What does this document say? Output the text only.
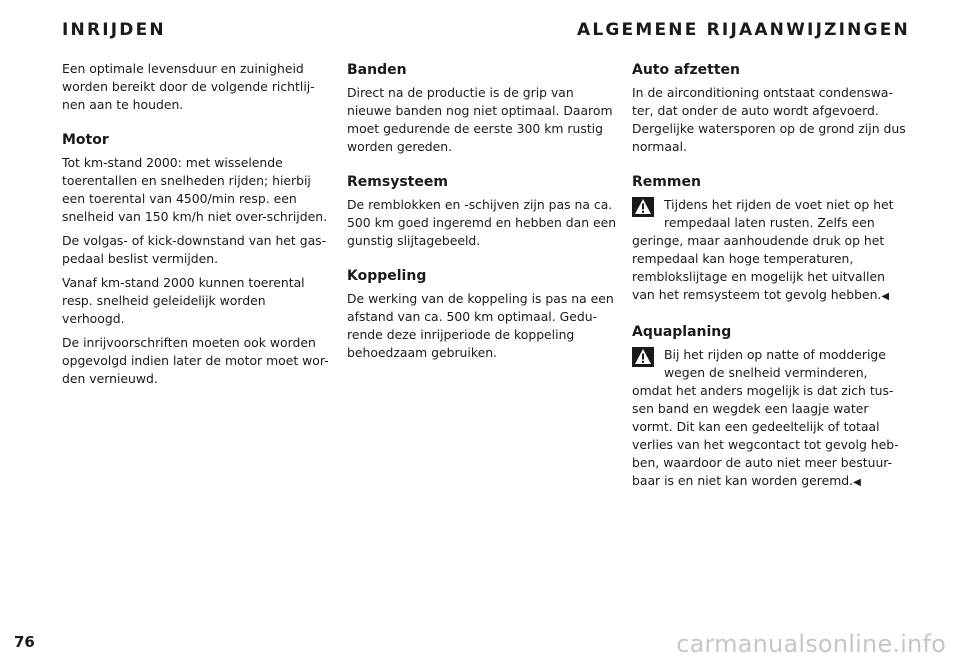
INRIJDEN	ALGEMENE RIJAANWIJZINGEN

Een optimale levensduur en zuinigheid worden bereikt door de volgende richtlij-nen aan te houden.

Motor

Tot km-stand 2000: met wisselende toerentallen en snelheden rijden; hierbij een toerental van 4500/min resp. een snelheid van 150 km/h niet over-schrijden.

De volgas- of kick-downstand van het gas-pedaal beslist vermijden.

Vanaf km-stand 2000 kunnen toerental resp. snelheid geleidelijk worden verhoogd.

De inrijvoorschriften moeten ook worden opgevolgd indien later de motor moet wor-den vernieuwd.

Banden

Direct na de productie is de grip van nieuwe banden nog niet optimaal. Daarom moet gedurende de eerste 300 km rustig worden gereden.

Remsysteem

De remblokken en -schijven zijn pas na ca. 500 km goed ingeremd en hebben dan een gunstig slijtagebeeld.

Koppeling

De werking van de koppeling is pas na een afstand van ca. 500 km optimaal. Gedu-rende deze inrijperiode de koppeling behoedzaam gebruiken.

Auto afzetten

In de airconditioning ontstaat condenswa-ter, dat onder de auto wordt afgevoerd. Dergelijke watersporen op de grond zijn dus normaal.

Remmen

Tijdens het rijden de voet niet op het rempedaal laten rusten. Zelfs een geringe, maar aanhoudende druk op het rempedaal kan hoge temperaturen, remblokslijtage en mogelijk het uitvallen van het remsysteem tot gevolg hebben.◀

Aquaplaning

Bij het rijden op natte of modderige wegen de snelheid verminderen, omdat het anders mogelijk is dat zich tus-sen band en wegdek een laagje water vormt. Dit kan een gedeeltelijk of totaal verlies van het wegcontact tot gevolg heb-ben, waardoor de auto niet meer bestuur-baar is en niet kan worden geremd.◀

76	carmanualsonline.info
